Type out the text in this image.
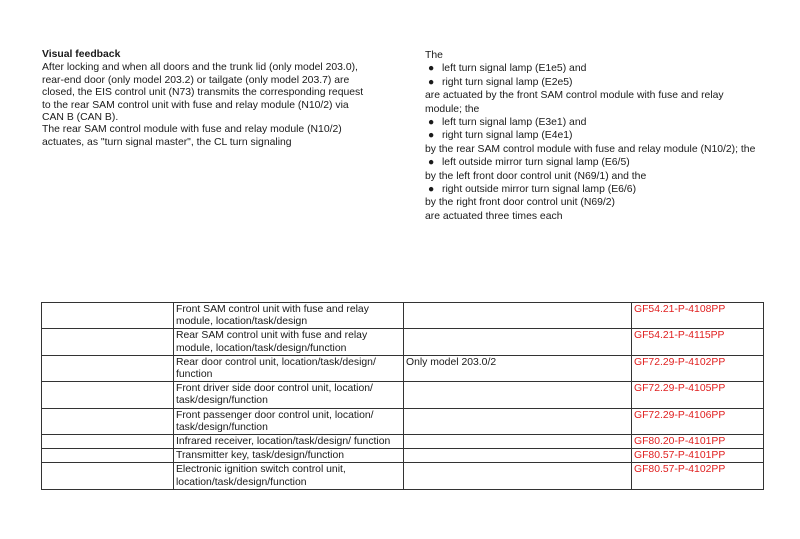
Visual feedback

After locking and when all doors and the trunk lid (only model 203.0), rear-end door (only model 203.2) or tailgate (only model 203.7) are closed, the EIS control unit (N73) transmits the corresponding request to the rear SAM control unit with fuse and relay module (N10/2) via CAN B (CAN B).

The rear SAM control module with fuse and relay module (N10/2) actuates, as "turn signal master", the CL turn signaling

The
● left turn signal lamp (E1e5) and
● right turn signal lamp (E2e5)
are actuated by the front SAM control module with fuse and relay module; the
● left turn signal lamp (E3e1) and
● right turn signal lamp (E4e1)
by the rear SAM control module with fuse and relay module (N10/2); the
● left outside mirror turn signal lamp (E6/5)
by the left front door control unit (N69/1) and the
● right outside mirror turn signal lamp (E6/6)
by the right front door control unit (N69/2)
are actuated three times each
	Front SAM control unit with fuse and relay module, location/task/design		GF54.21-P-4108PP
	Rear SAM control unit with fuse and relay module, location/task/design/function		GF54.21-P-4115PP
	Rear door control unit, location/task/design/ function	Only model 203.0/2	GF72.29-P-4102PP
	Front driver side door control unit, location/ task/design/function		GF72.29-P-4105PP
	Front passenger door control unit, location/ task/design/function		GF72.29-P-4106PP
	Infrared receiver, location/task/design/ function		GF80.20-P-4101PP
	Transmitter key, task/design/function		GF80.57-P-4101PP
	Electronic ignition switch control unit, location/task/design/function		GF80.57-P-4102PP
